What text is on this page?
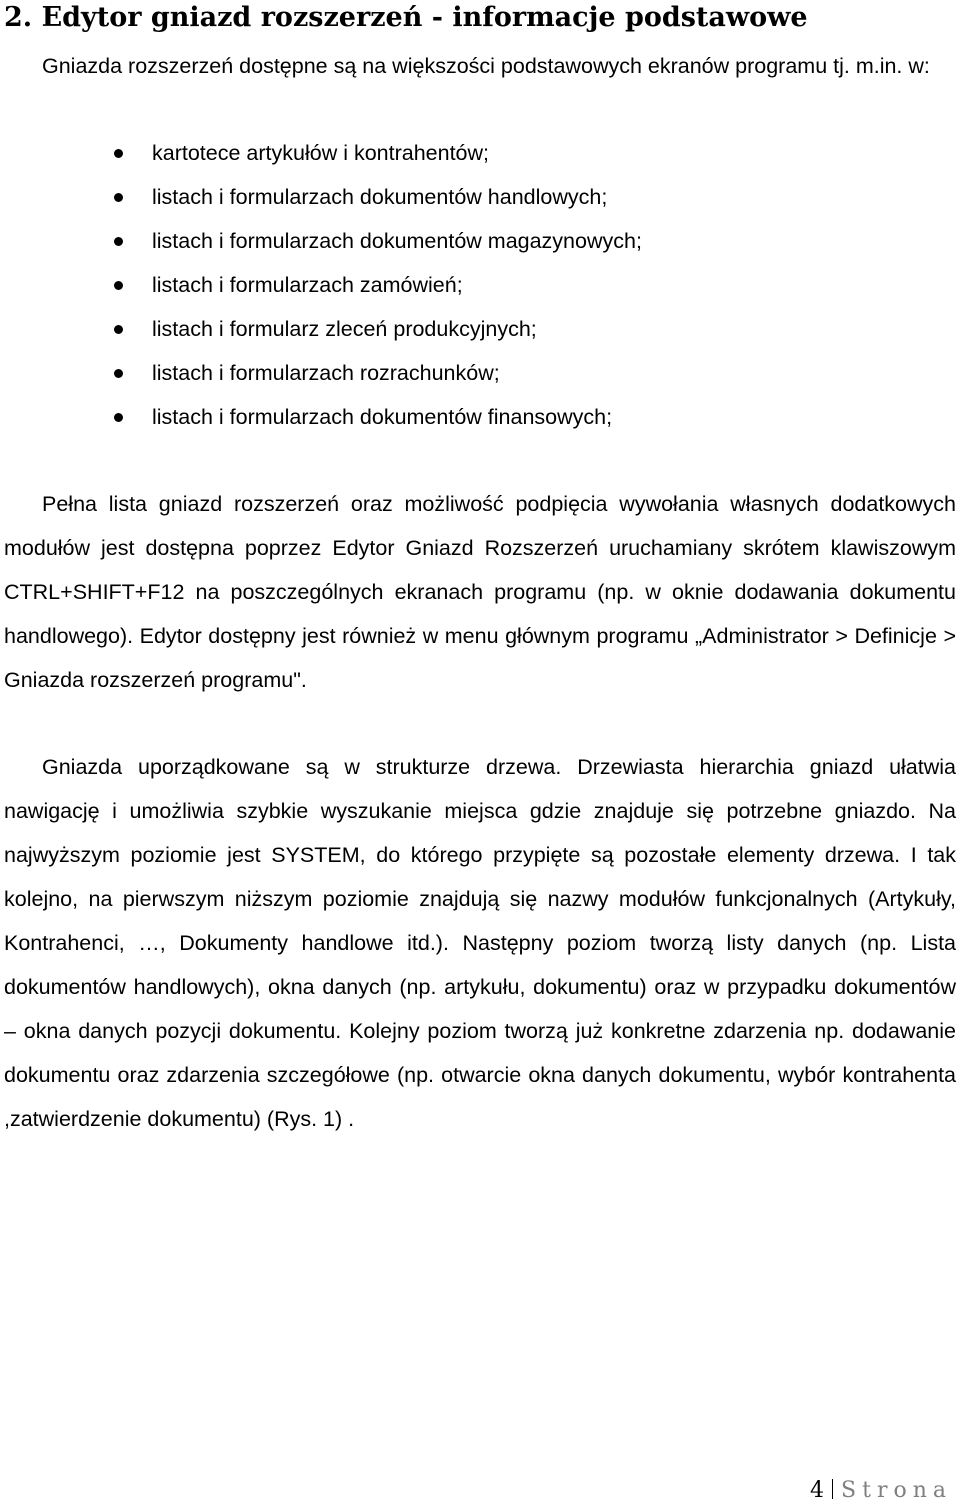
2. Edytor gniazd rozszerzeń - informacje podstawowe

Gniazda rozszerzeń dostępne są na większości podstawowych ekranów programu tj. m.in. w:

kartotece artykułów i kontrahentów;
listach i formularzach dokumentów handlowych;
listach i formularzach dokumentów magazynowych;
listach i formularzach zamówień;
listach i formularz zleceń produkcyjnych;
listach i formularzach rozrachunków;
listach i formularzach dokumentów finansowych;

Pełna lista gniazd rozszerzeń oraz możliwość podpięcia wywołania własnych dodatkowych modułów jest dostępna poprzez Edytor Gniazd Rozszerzeń uruchamiany skrótem klawiszowym CTRL+SHIFT+F12 na poszczególnych ekranach programu (np. w oknie dodawania dokumentu handlowego). Edytor dostępny jest również w menu głównym programu „Administrator > Definicje > Gniazda rozszerzeń programu".

Gniazda uporządkowane są w strukturze drzewa. Drzewiasta hierarchia gniazd ułatwia nawigację i umożliwia szybkie wyszukanie miejsca gdzie znajduje się potrzebne gniazdo. Na najwyższym poziomie jest SYSTEM, do którego przypięte są pozostałe elementy drzewa. I tak kolejno, na pierwszym niższym poziomie znajdują się nazwy modułów funkcjonalnych (Artykuły, Kontrahenci, …, Dokumenty handlowe itd.). Następny poziom tworzą listy danych (np. Lista dokumentów handlowych), okna danych (np. artykułu, dokumentu) oraz w przypadku dokumentów – okna danych pozycji dokumentu. Kolejny poziom tworzą już konkretne zdarzenia np. dodawanie dokumentu oraz zdarzenia szczegółowe (np. otwarcie okna danych dokumentu, wybór kontrahenta ,zatwierdzenie dokumentu) (Rys. 1) .

4 Strona
